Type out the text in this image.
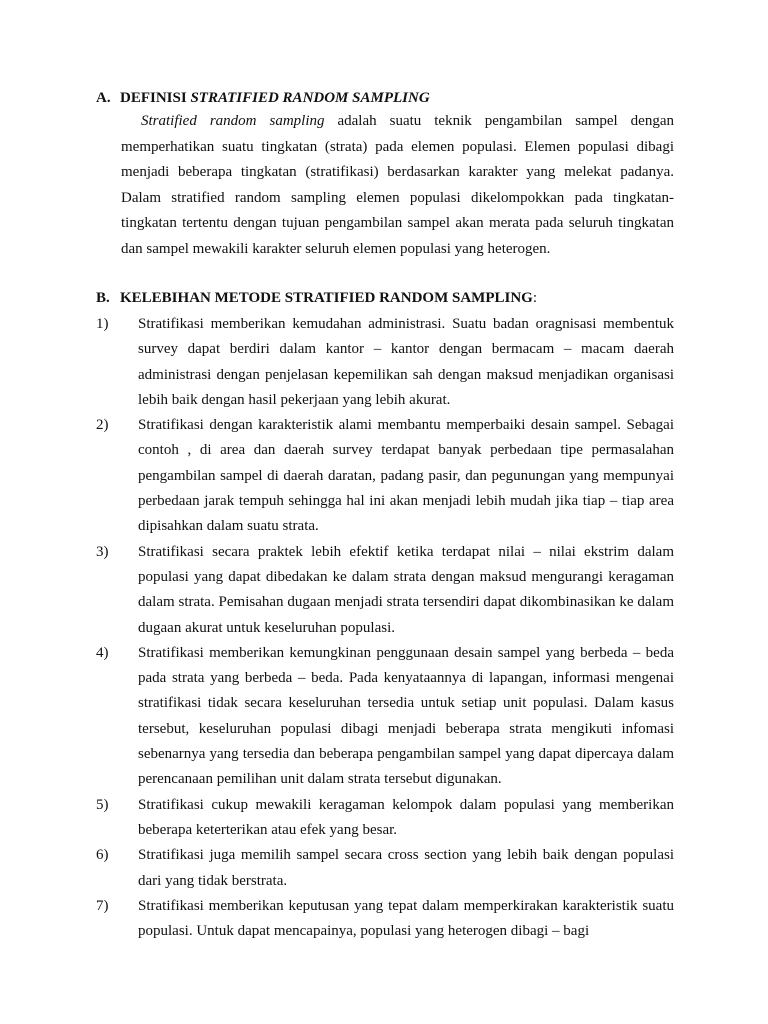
A. DEFINISI STRATIFIED RANDOM SAMPLING

Stratified random sampling adalah suatu teknik pengambilan sampel dengan memperhatikan suatu tingkatan (strata) pada elemen populasi. Elemen populasi dibagi menjadi beberapa tingkatan (stratifikasi) berdasarkan karakter yang melekat padanya. Dalam stratified random sampling elemen populasi dikelompokkan pada tingkatan-tingkatan tertentu dengan tujuan pengambilan sampel akan merata pada seluruh tingkatan dan sampel mewakili karakter seluruh elemen populasi yang heterogen.

B. KELEBIHAN METODE STRATIFIED RANDOM SAMPLING:
1)	Stratifikasi memberikan kemudahan administrasi. Suatu badan oragnisasi membentuk survey dapat berdiri dalam kantor – kantor dengan bermacam – macam daerah administrasi dengan penjelasan kepemilikan sah dengan maksud menjadikan organisasi lebih baik dengan hasil pekerjaan yang lebih akurat.
2)	Stratifikasi dengan karakteristik alami membantu memperbaiki desain sampel. Sebagai contoh , di area dan daerah survey terdapat banyak perbedaan tipe permasalahan pengambilan sampel di daerah daratan, padang pasir, dan pegunungan yang mempunyai perbedaan jarak tempuh sehingga hal ini akan menjadi lebih mudah jika tiap – tiap area dipisahkan dalam suatu strata.
3)	Stratifikasi secara praktek lebih efektif ketika terdapat nilai – nilai ekstrim dalam populasi yang dapat dibedakan ke dalam strata dengan maksud mengurangi keragaman dalam strata. Pemisahan dugaan menjadi strata tersendiri dapat dikombinasikan ke dalam dugaan akurat untuk keseluruhan populasi.
4)	Stratifikasi memberikan kemungkinan penggunaan desain sampel yang berbeda – beda pada strata yang berbeda – beda. Pada kenyataannya di lapangan, informasi mengenai stratifikasi tidak secara keseluruhan tersedia untuk setiap unit populasi. Dalam kasus tersebut, keseluruhan populasi dibagi menjadi beberapa strata mengikuti infomasi sebenarnya yang tersedia dan beberapa pengambilan sampel yang dapat dipercaya dalam perencanaan pemilihan unit dalam strata tersebut digunakan.
5)	Stratifikasi cukup mewakili keragaman kelompok dalam populasi yang memberikan beberapa keterterikan atau efek yang besar.
6)	Stratifikasi juga memilih sampel secara cross section yang lebih baik dengan populasi dari yang tidak berstrata.
7)	Stratifikasi memberikan keputusan yang tepat dalam memperkirakan karakteristik suatu populasi. Untuk dapat mencapainya, populasi yang heterogen dibagi – bagi
